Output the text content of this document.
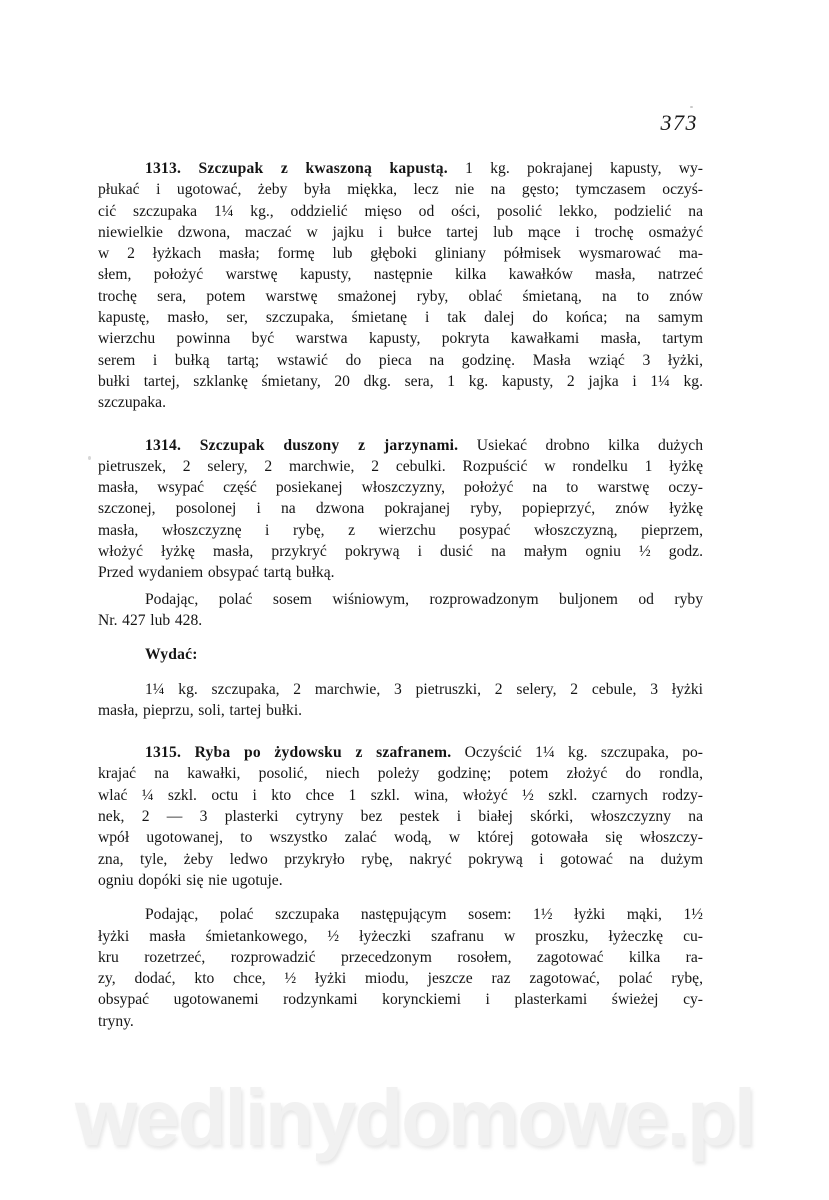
373
1313. Szczupak z kwaszoną kapustą. 1 kg. pokrajanej kapusty, wy-
płukać i ugotować, żeby była miękka, lecz nie na gęsto; tymczasem oczyś-
cić szczupaka 1¼ kg., oddzielić mięso od ości, posolić lekko, podzielić na
niewielkie dzwona, maczać w jajku i bułce tartej lub mące i trochę osmażyć
w 2 łyżkach masła; formę lub głęboki gliniany półmisek wysmarować ma-
słem, położyć warstwę kapusty, następnie kilka kawałków masła, natrzeć
trochę sera, potem warstwę smażonej ryby, oblać śmietaną, na to znów
kapustę, masło, ser, szczupaka, śmietanę i tak dalej do końca; na samym
wierzchu powinna być warstwa kapusty, pokryta kawałkami masła, tartym
serem i bułką tartą; wstawić do pieca na godzinę. Masła wziąć 3 łyżki,
bułki tartej, szklankę śmietany, 20 dkg. sera, 1 kg. kapusty, 2 jajka i 1¼ kg.
szczupaka.
1314. Szczupak duszony z jarzynami. Usiekać drobno kilka dużych
pietruszek, 2 selery, 2 marchwie, 2 cebulki. Rozpuścić w rondelku 1 łyżkę
masła, wsypać część posiekanej włoszczyzny, położyć na to warstwę oczy-
szczonej, posolonej i na dzwona pokrajanej ryby, popieprzyć, znów łyżkę
masła, włoszczyznę i rybę, z wierzchu posypać włoszczyzną, pieprzem,
włożyć łyżkę masła, przykryć pokrywą i dusić na małym ogniu ½ godz.
Przed wydaniem obsypać tartą bułką.
Podając, polać sosem wiśniowym, rozprowadzonym buljonem od ryby
Nr. 427 lub 428.
Wydać:
1¼ kg. szczupaka, 2 marchwie, 3 pietruszki, 2 selery, 2 cebule, 3 łyżki
masła, pieprzu, soli, tartej bułki.
1315. Ryba po żydowsku z szafranem. Oczyścić 1¼ kg. szczupaka, po-
krajać na kawałki, posolić, niech poleży godzinę; potem złożyć do rondla,
wlać ¼ szkl. octu i kto chce 1 szkl. wina, włożyć ½ szkl. czarnych rodzy-
nek, 2 — 3 plasterki cytryny bez pestek i białej skórki, włoszczyzny na
wpół ugotowanej, to wszystko zalać wodą, w której gotowała się włoszczy-
zna, tyle, żeby ledwo przykryło rybę, nakryć pokrywą i gotować na dużym
ogniu dopóki się nie ugotuje.
Podając, polać szczupaka następującym sosem: 1½ łyżki mąki, 1½
łyżki masła śmietankowego, ½ łyżeczki szafranu w proszku, łyżeczkę cu-
kru rozetrzeć, rozprowadzić przecedzonym rosołem, zagotować kilka ra-
zy, dodać, kto chce, ½ łyżki miodu, jeszcze raz zagotować, polać rybę,
obsypać ugotowanemi rodzynkami korynckiemi i plasterkami świeżej cy-
tryny.
wedlinydomowe.pl
